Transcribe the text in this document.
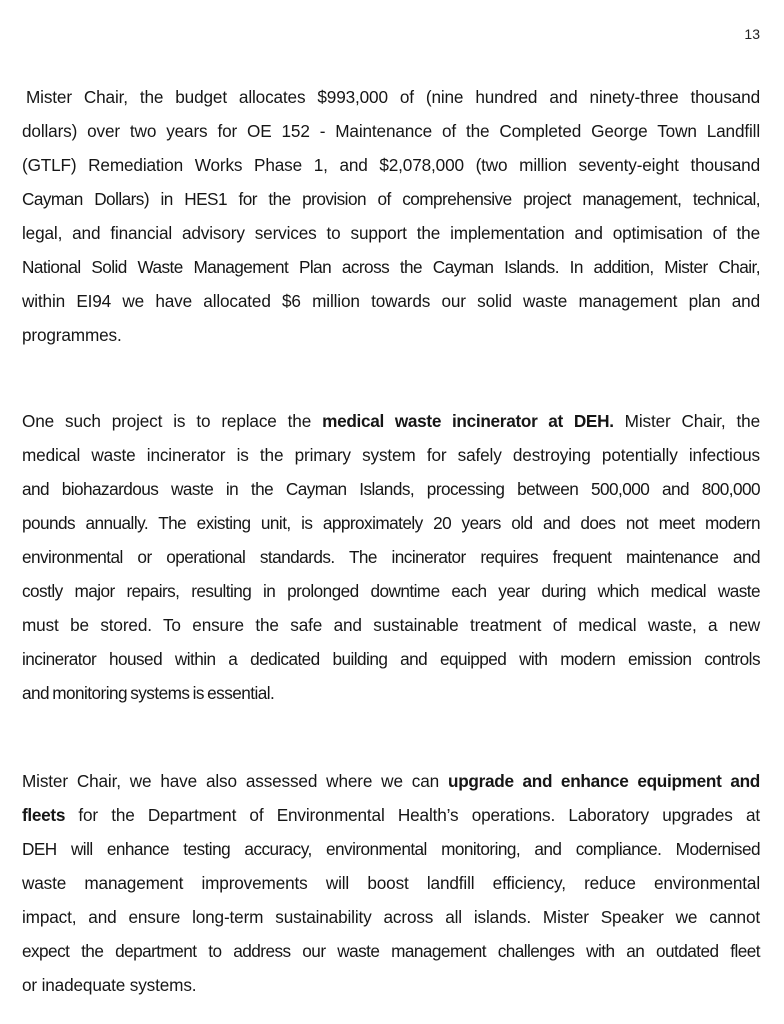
13
Mister Chair, the budget allocates $993,000 of (nine hundred and ninety-three thousand
dollars) over two years for OE 152 - Maintenance of the Completed George Town Landfill
(GTLF) Remediation Works Phase 1, and $2,078,000 (two million seventy-eight thousand
Cayman Dollars) in HES1 for the provision of comprehensive project management, technical,
legal, and financial advisory services to support the implementation and optimisation of the
National Solid Waste Management Plan across the Cayman Islands. In addition, Mister Chair,
within EI94 we have allocated $6 million towards our solid waste management plan and
programmes.
One such project is to replace the medical waste incinerator at DEH. Mister Chair, the
medical waste incinerator is the primary system for safely destroying potentially infectious
and biohazardous waste in the Cayman Islands, processing between 500,000 and 800,000
pounds annually. The existing unit, is approximately 20 years old and does not meet modern
environmental or operational standards. The incinerator requires frequent maintenance and
costly major repairs, resulting in prolonged downtime each year during which medical waste
must be stored. To ensure the safe and sustainable treatment of medical waste, a new
incinerator housed within a dedicated building and equipped with modern emission controls
and monitoring systems is essential.
Mister Chair, we have also assessed where we can upgrade and enhance equipment and
fleets for the Department of Environmental Health’s operations. Laboratory upgrades at
DEH will enhance testing accuracy, environmental monitoring, and compliance. Modernised
waste management improvements will boost landfill efficiency, reduce environmental
impact, and ensure long-term sustainability across all islands. Mister Speaker we cannot
expect the department to address our waste management challenges with an outdated fleet
or inadequate systems.
